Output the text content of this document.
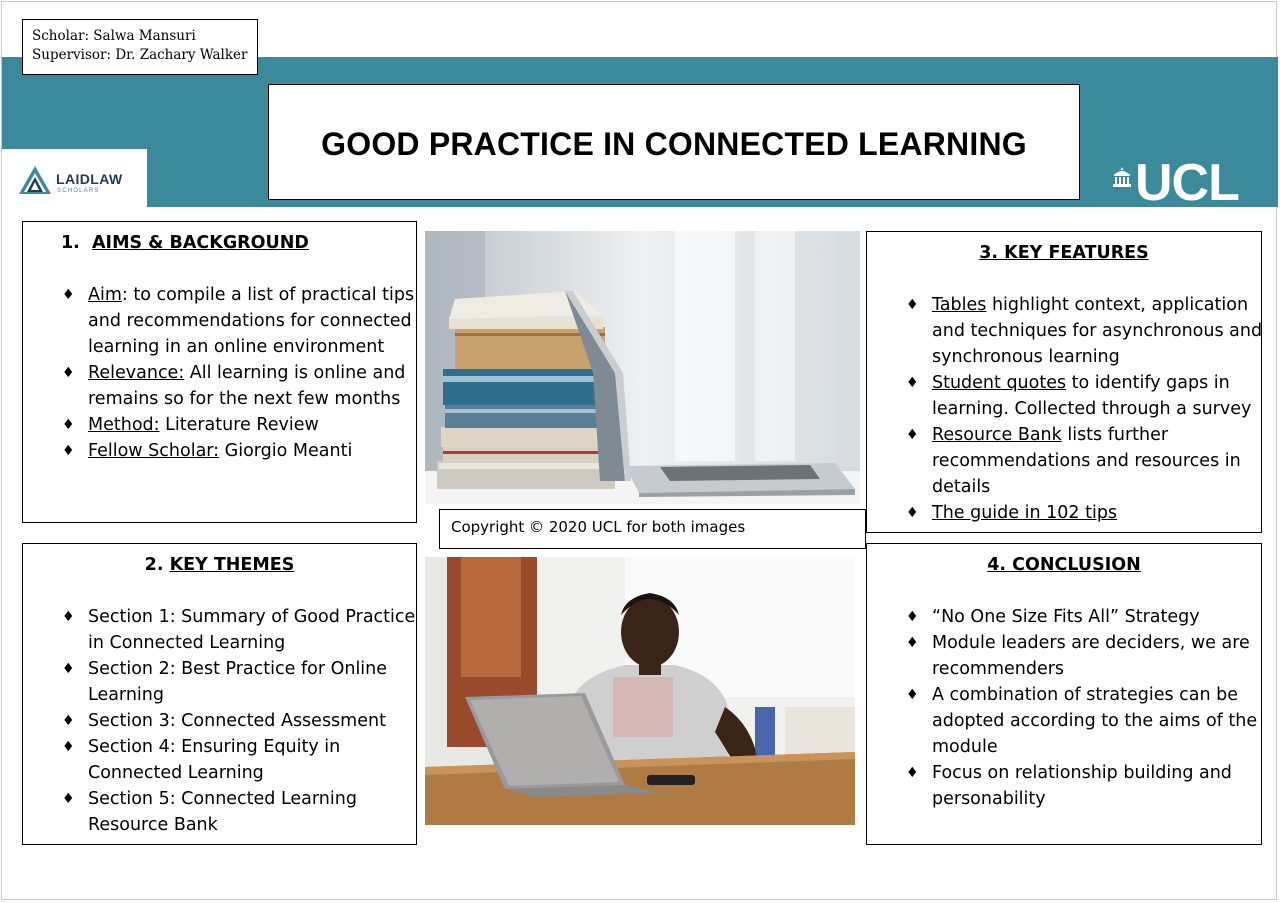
Scholar: Salwa Mansuri
Supervisor: Dr. Zachary Walker
LAIDLAW
SCHOLARS
GOOD PRACTICE IN CONNECTED LEARNING
UCL
1. AIMS & BACKGROUND
♦ Aim: to compile a list of practical tips and recommendations for connected learning in an online environment
♦ Relevance: All learning is online and remains so for the next few months
♦ Method: Literature Review
♦ Fellow Scholar: Giorgio Meanti
2. KEY THEMES
♦ Section 1: Summary of Good Practice in Connected Learning
♦ Section 2: Best Practice for Online Learning
♦ Section 3: Connected Assessment
♦ Section 4: Ensuring Equity in Connected Learning
♦ Section 5: Connected Learning Resource Bank
Copyright © 2020 UCL for both images
3. KEY FEATURES
♦ Tables highlight context, application and techniques for asynchronous and synchronous learning
♦ Student quotes to identify gaps in learning. Collected through a survey
♦ Resource Bank lists further recommendations and resources in details
♦ The guide in 102 tips
4. CONCLUSION
♦ “No One Size Fits All” Strategy
♦ Module leaders are deciders, we are recommenders
♦ A combination of strategies can be adopted according to the aims of the module
♦ Focus on relationship building and personability
